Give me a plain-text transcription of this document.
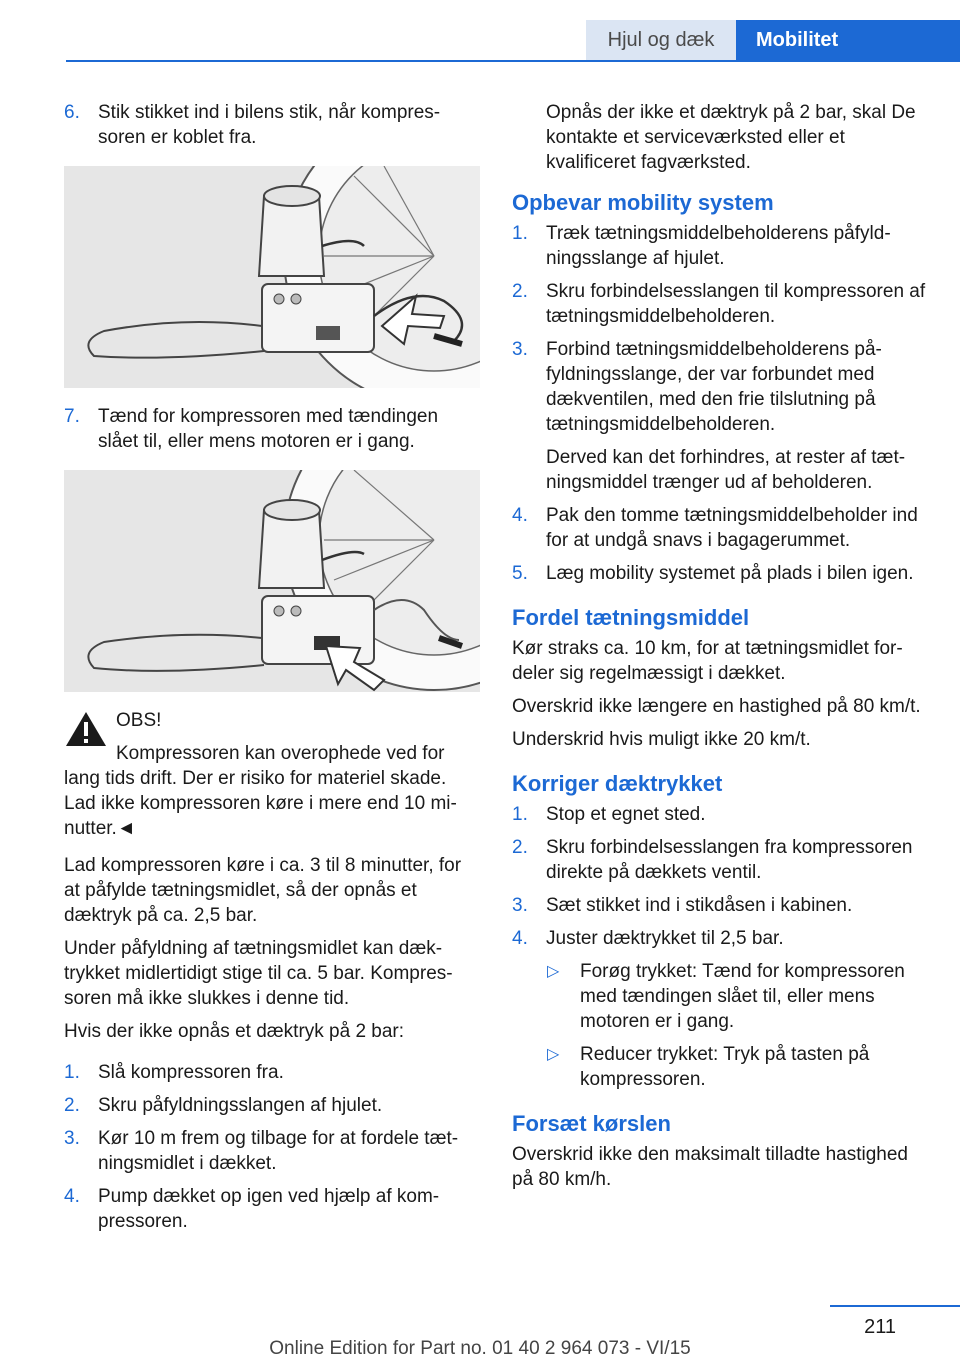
Hjul og dæk	Mobilitet
6. Stik stikket ind i bilens stik, når kompressoren er koblet fra.
7. Tænd for kompressoren med tændingen slået til, eller mens motoren er i gang.

OBS!

Kompressoren kan overophede ved for lang tids drift. Der er risiko for materiel skade. Lad ikke kompressoren køre i mere end 10 minutter.◄

Lad kompressoren køre i ca. 3 til 8 minutter, for at påfylde tætningsmidlet, så der opnås et dæktryk på ca. 2,5 bar.

Under påfyldning af tætningsmidlet kan dæktrykket midlertidigt stige til ca. 5 bar. Kompressoren må ikke slukkes i denne tid.

Hvis der ikke opnås et dæktryk på 2 bar:

1. Slå kompressoren fra.
2. Skru påfyldningsslangen af hjulet.
3. Kør 10 m frem og tilbage for at fordele tætningsmidlet i dækket.
4. Pump dækket op igen ved hjælp af kompressoren.

Opnås der ikke et dæktryk på 2 bar, skal De kontakte et serviceværksted eller et kvalificeret fagværksted.

Opbevar mobility system
1. Træk tætningsmiddelbeholderens påfyldningsslange af hjulet.
2. Skru forbindelsesslangen til kompressoren af tætningsmiddelbeholderen.
3. Forbind tætningsmiddelbeholderens påfyldningsslange, der var forbundet med dækventilen, med den frie tilslutning på tætningsmiddelbeholderen.

Derved kan det forhindres, at rester af tætningsmiddel trænger ud af beholderen.

4. Pak den tomme tætningsmiddelbeholder ind for at undgå snavs i bagagerummet.
5. Læg mobility systemet på plads i bilen igen.
Fordel tætningsmiddel

Kør straks ca. 10 km, for at tætningsmidlet fordeler sig regelmæssigt i dækket.

Overskrid ikke længere en hastighed på 80 km/t.

Underskrid hvis muligt ikke 20 km/t.

Korriger dæktrykket
1. Stop et egnet sted.
2. Skru forbindelsesslangen fra kompressoren direkte på dækkets ventil.
3. Sæt stikket ind i stikdåsen i kabinen.
4. Juster dæktrykket til 2,5 bar.
▷ Forøg trykket: Tænd for kompressoren med tændingen slået til, eller mens motoren er i gang.
▷ Reducer trykket: Tryk på tasten på kompressoren.
Forsæt kørslen

Overskrid ikke den maksimalt tilladte hastighed på 80 km/h.

211
Online Edition for Part no. 01 40 2 964 073 - VI/15
